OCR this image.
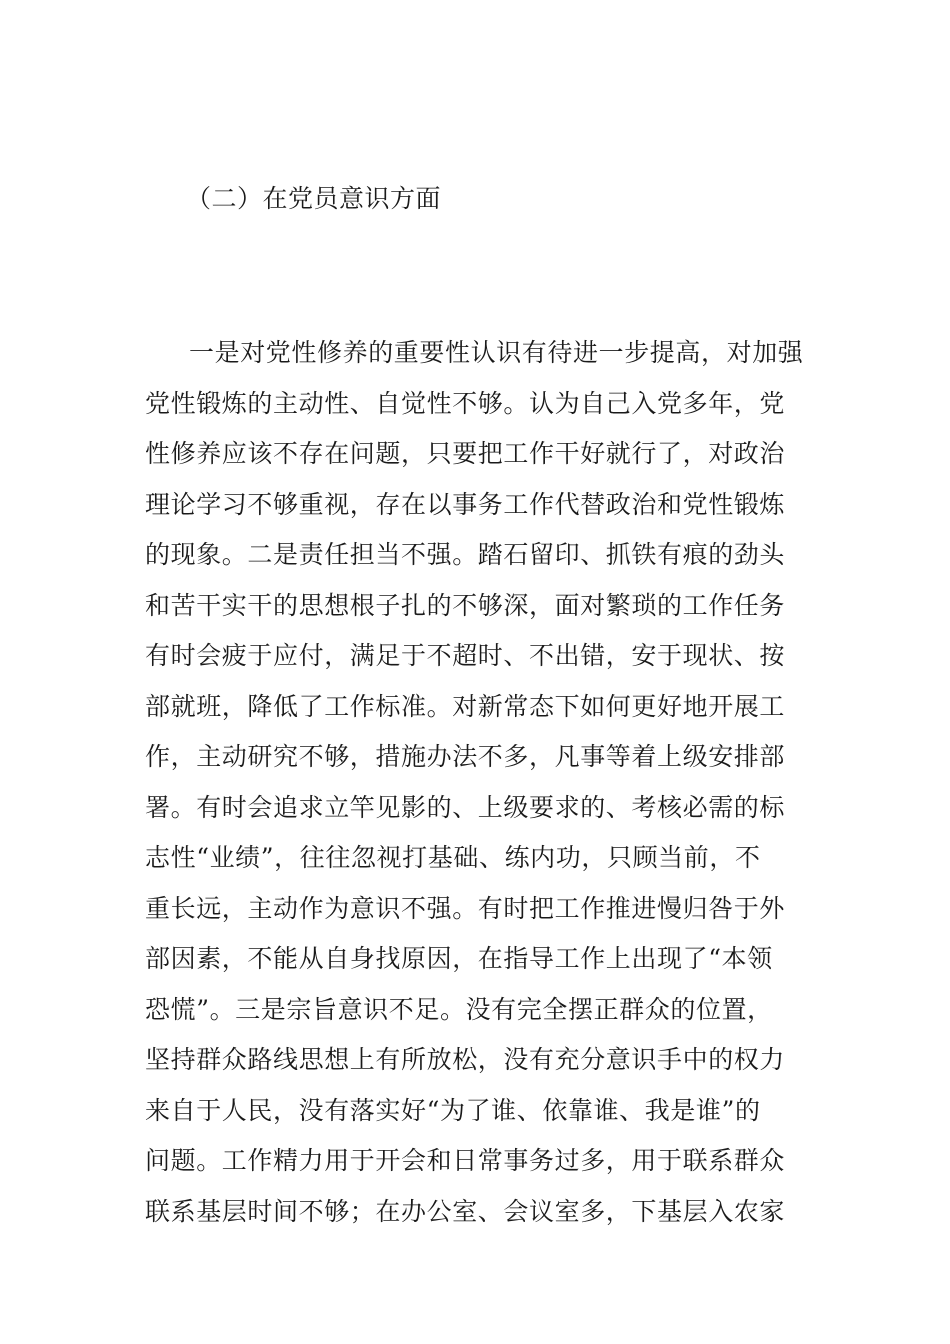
（二）在党员意识方面
一是对党性修养的重要性认识有待进一步提高，对加强
党性锻炼的主动性、自觉性不够。认为自己入党多年，党
性修养应该不存在问题，只要把工作干好就行了，对政治
理论学习不够重视，存在以事务工作代替政治和党性锻炼
的现象。二是责任担当不强。踏石留印、抓铁有痕的劲头
和苦干实干的思想根子扎的不够深，面对繁琐的工作任务
有时会疲于应付，满足于不超时、不出错，安于现状、按
部就班，降低了工作标准。对新常态下如何更好地开展工
作，主动研究不够，措施办法不多，凡事等着上级安排部
署。有时会追求立竿见影的、上级要求的、考核必需的标
志性“业绩”，往往忽视打基础、练内功，只顾当前，不
重长远，主动作为意识不强。有时把工作推进慢归咎于外
部因素，不能从自身找原因，在指导工作上出现了“本领
恐慌”。三是宗旨意识不足。没有完全摆正群众的位置，
坚持群众路线思想上有所放松，没有充分意识手中的权力
来自于人民，没有落实好“为了谁、依靠谁、我是谁”的
问题。工作精力用于开会和日常事务过多，用于联系群众
联系基层时间不够；在办公室、会议室多，下基层入农家
